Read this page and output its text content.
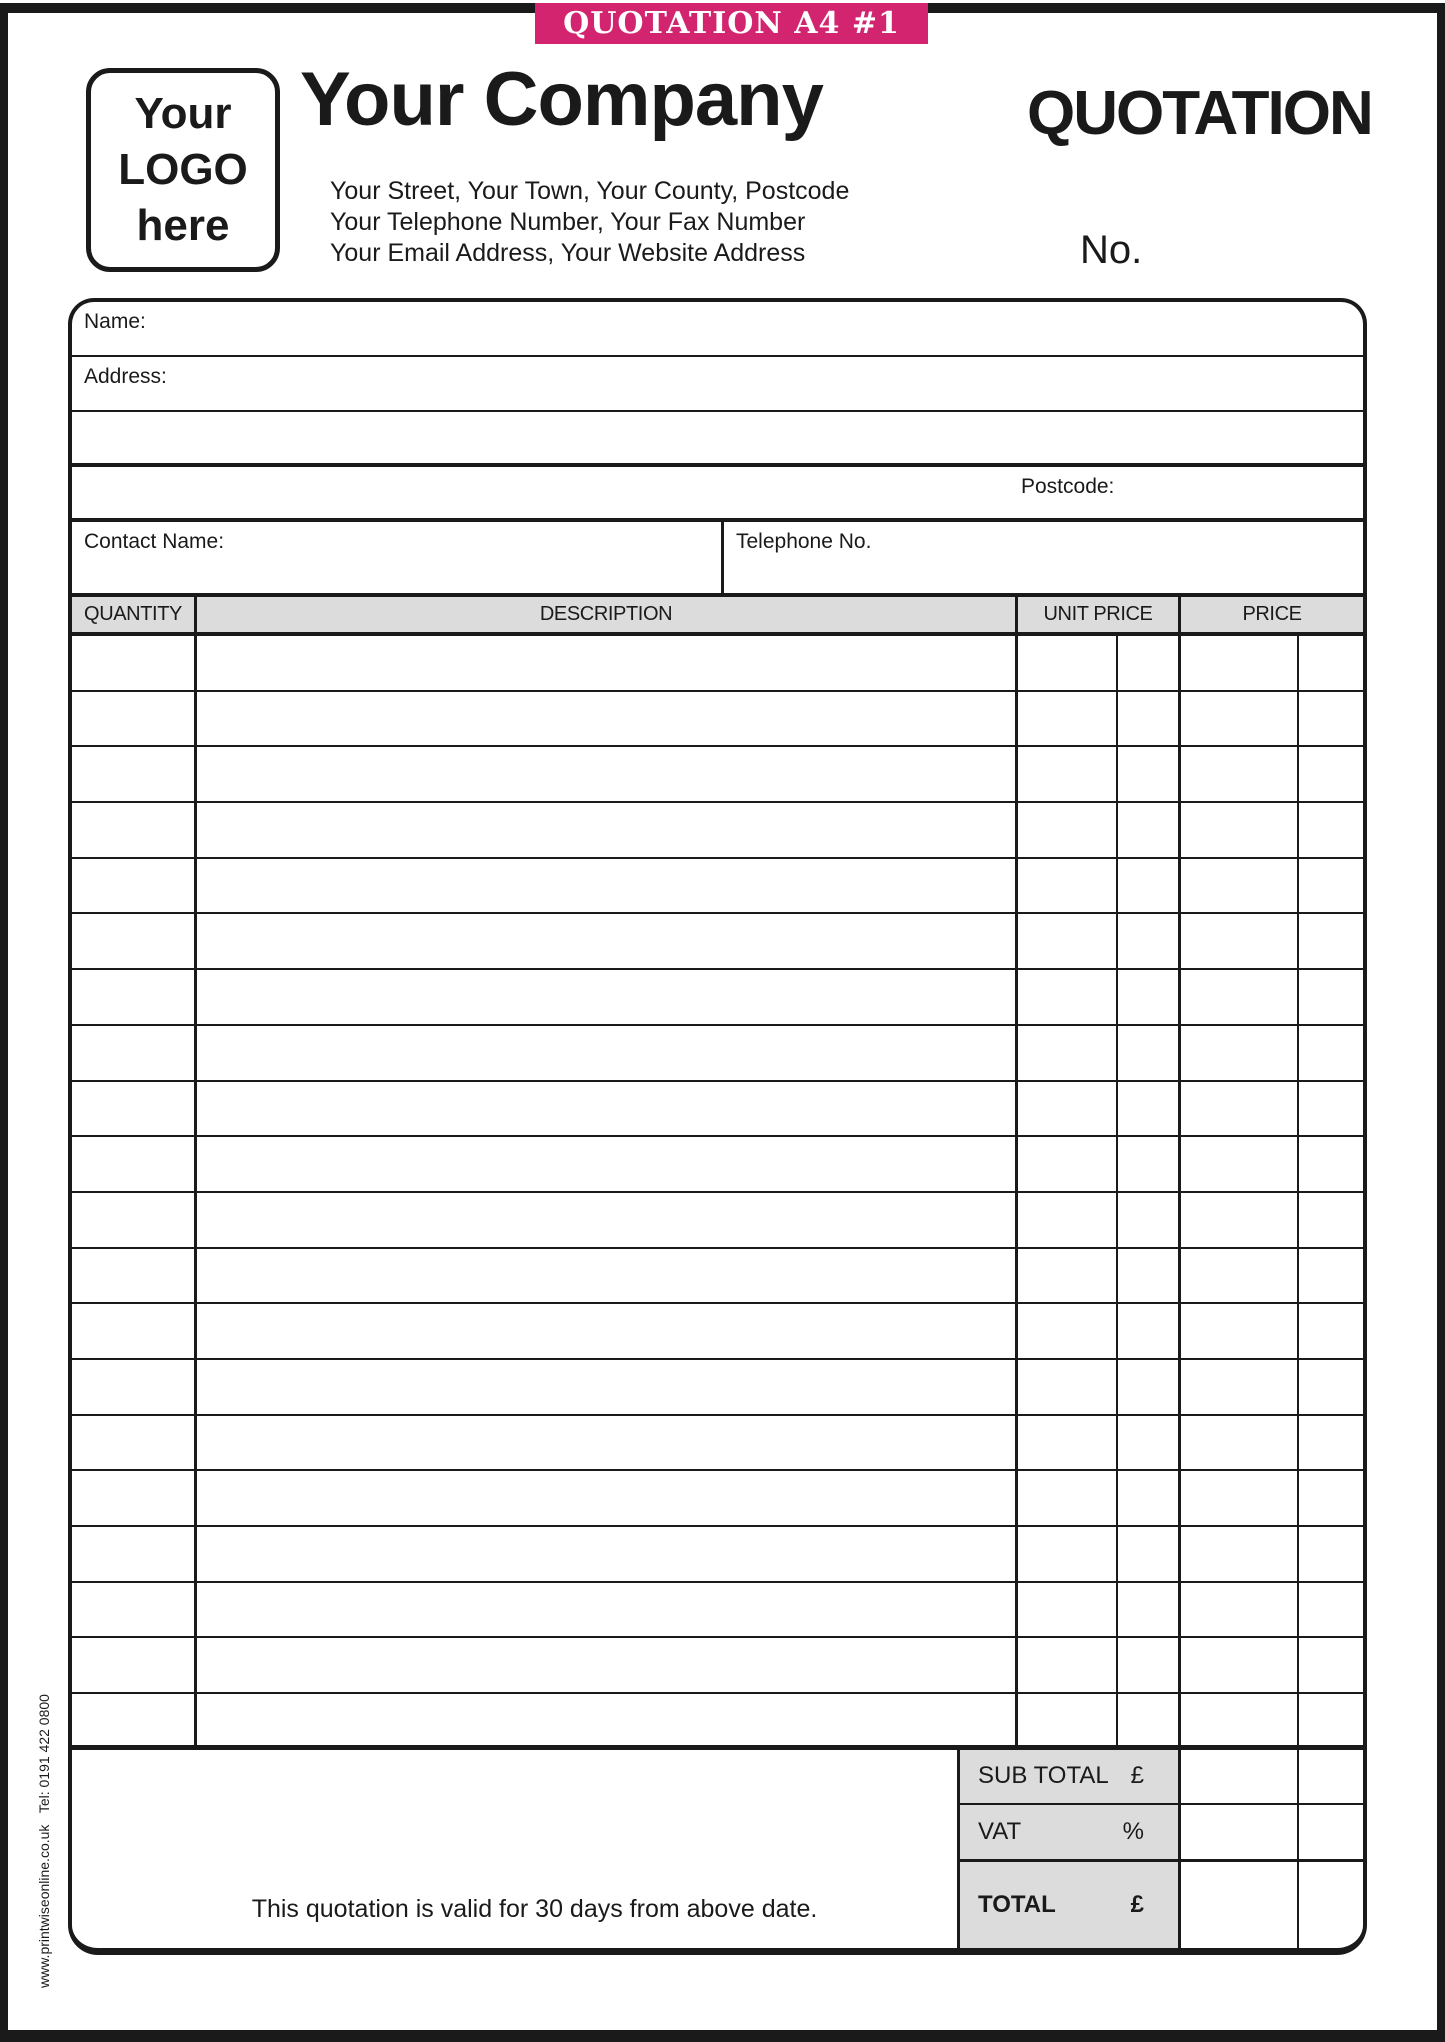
QUOTATION A4 #1
Your
LOGO
here
Your Company
Your Street, Your Town, Your County, Postcode
Your Telephone Number, Your Fax Number
Your Email Address, Your Website Address
QUOTATION
No.
Name:
Address:
Postcode:
Contact Name:	Telephone No.
QUANTITY	DESCRIPTION	UNIT PRICE	PRICE
This quotation is valid for 30 days from above date.
SUB TOTAL £
VAT	%
TOTAL	£
www.printwiseonline.co.uk   Tel: 0191 422 0800
